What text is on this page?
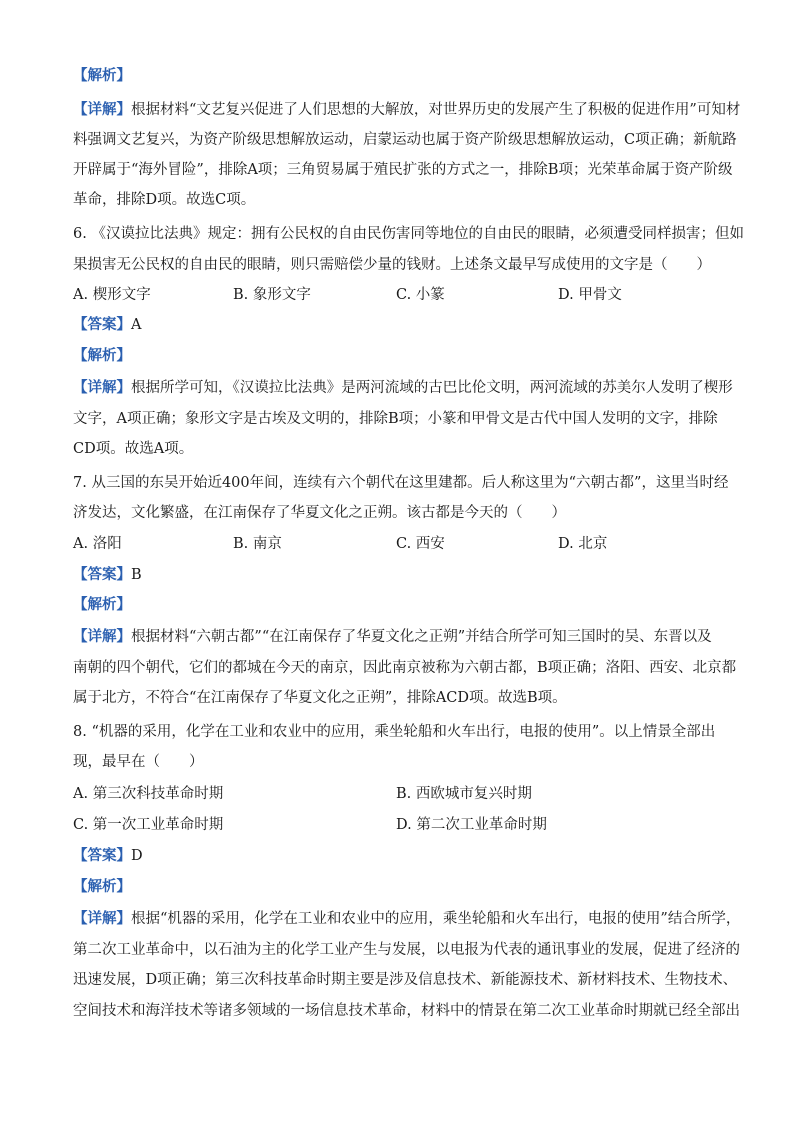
【解析】
【详解】根据材料“文艺复兴促进了人们思想的大解放，对世界历史的发展产生了积极的促进作用”可知材
料强调文艺复兴，为资产阶级思想解放运动，启蒙运动也属于资产阶级思想解放运动，C项正确；新航路
开辟属于“海外冒险”，排除A项；三角贸易属于殖民扩张的方式之一，排除B项；光荣革命属于资产阶级
革命，排除D项。故选C项。
6. 《汉谟拉比法典》规定：拥有公民权的自由民伤害同等地位的自由民的眼睛，必须遭受同样损害；但如
果损害无公民权的自由民的眼睛，则只需赔偿少量的钱财。上述条文最早写成使用的文字是（　　）
A. 楔形文字	B. 象形文字	C. 小篆	D. 甲骨文
【答案】A
【解析】
【详解】根据所学可知，《汉谟拉比法典》是两河流域的古巴比伦文明，两河流域的苏美尔人发明了楔形
文字，A项正确；象形文字是古埃及文明的，排除B项；小篆和甲骨文是古代中国人发明的文字，排除
CD项。故选A项。
7. 从三国的东吴开始近400年间，连续有六个朝代在这里建都。后人称这里为“六朝古都”，这里当时经
济发达，文化繁盛，在江南保存了华夏文化之正朔。该古都是今天的（　　）
A. 洛阳	B. 南京	C. 西安	D. 北京
【答案】B
【解析】
【详解】根据材料“六朝古都”“在江南保存了华夏文化之正朔”并结合所学可知三国时的吴、东晋以及
南朝的四个朝代，它们的都城在今天的南京，因此南京被称为六朝古都，B项正确；洛阳、西安、北京都
属于北方，不符合“在江南保存了华夏文化之正朔”，排除ACD项。故选B项。
8. “机器的采用，化学在工业和农业中的应用，乘坐轮船和火车出行，电报的使用”。以上情景全部出
现，最早在（　　）
A. 第三次科技革命时期	B. 西欧城市复兴时期
C. 第一次工业革命时期	D. 第二次工业革命时期
【答案】D
【解析】
【详解】根据“机器的采用，化学在工业和农业中的应用，乘坐轮船和火车出行，电报的使用”结合所学，
第二次工业革命中，以石油为主的化学工业产生与发展，以电报为代表的通讯事业的发展，促进了经济的
迅速发展，D项正确；第三次科技革命时期主要是涉及信息技术、新能源技术、新材料技术、生物技术、
空间技术和海洋技术等诸多领域的一场信息技术革命，材料中的情景在第二次工业革命时期就已经全部出
